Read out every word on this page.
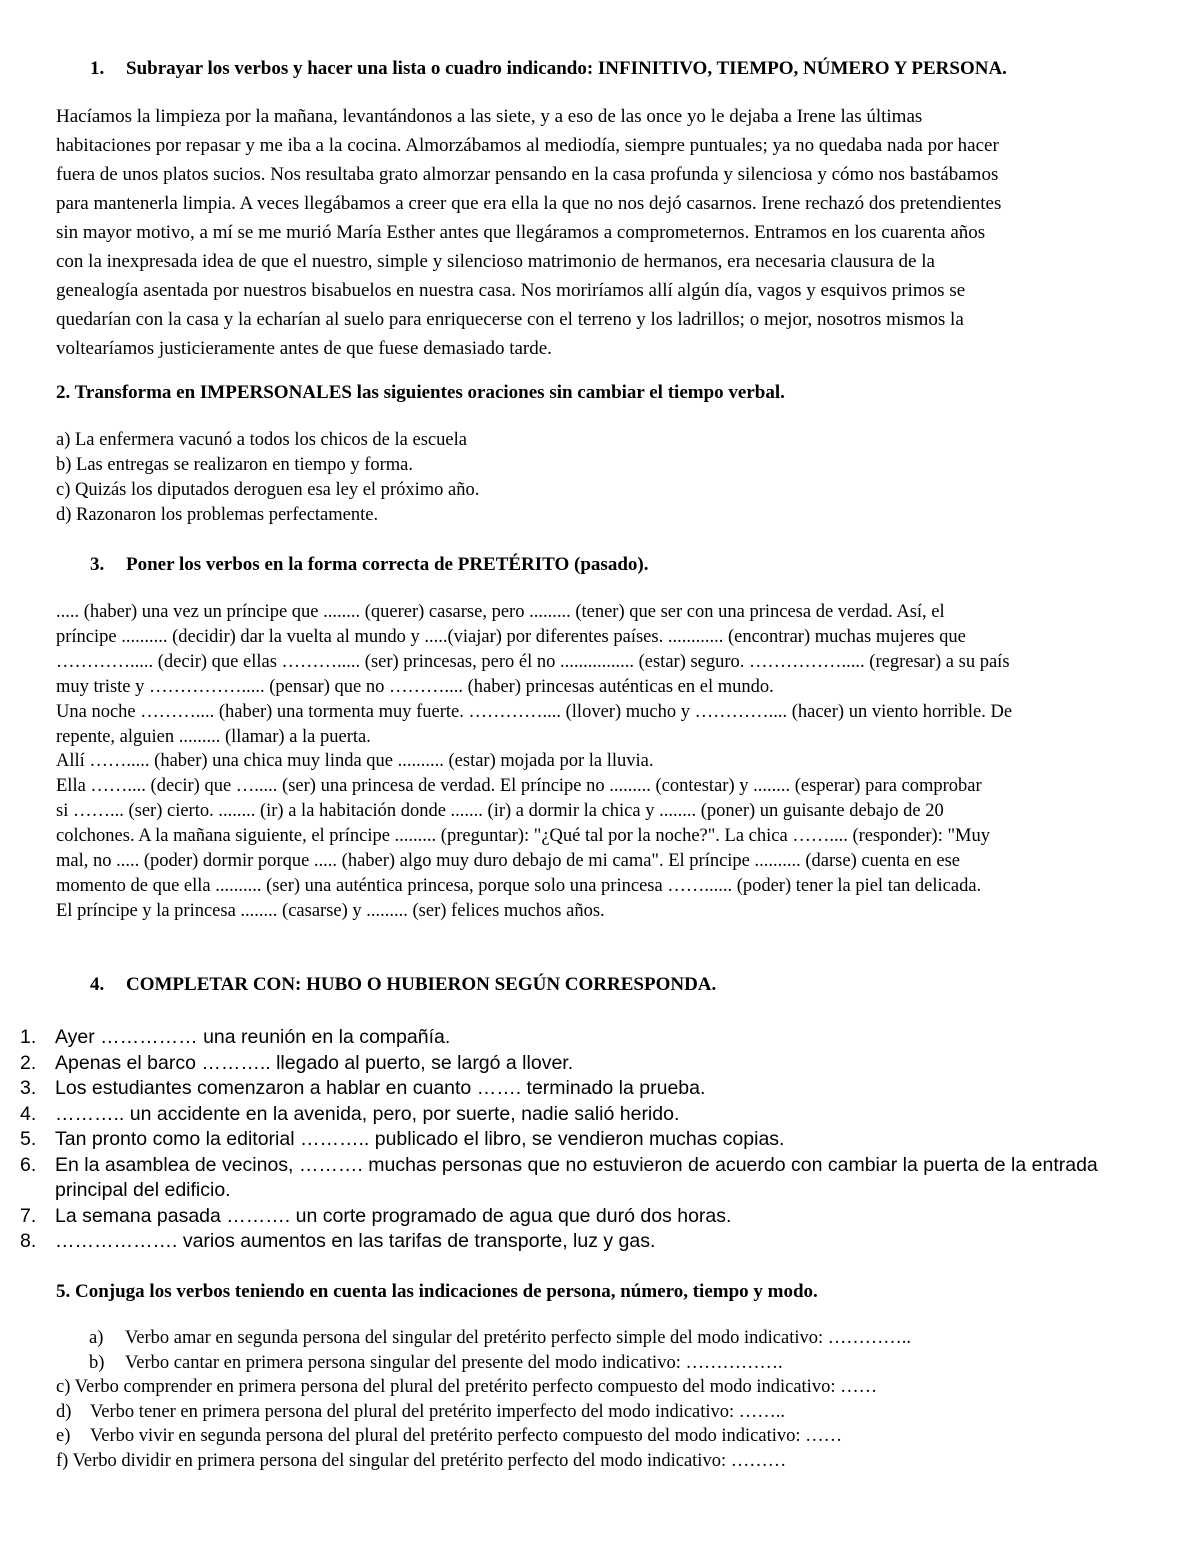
1. Subrayar los verbos y hacer una lista o cuadro indicando: INFINITIVO, TIEMPO, NÚMERO Y PERSONA.

Hacíamos la limpieza por la mañana, levantándonos a las siete, y a eso de las once yo le dejaba a Irene las últimas
habitaciones por repasar y me iba a la cocina. Almorzábamos al mediodía, siempre puntuales; ya no quedaba nada por hacer
fuera de unos platos sucios. Nos resultaba grato almorzar pensando en la casa profunda y silenciosa y cómo nos bastábamos
para mantenerla limpia. A veces llegábamos a creer que era ella la que no nos dejó casarnos. Irene rechazó dos pretendientes
sin mayor motivo, a mí se me murió María Esther antes que llegáramos a comprometernos. Entramos en los cuarenta años
con la inexpresada idea de que el nuestro, simple y silencioso matrimonio de hermanos, era necesaria clausura de la
genealogía asentada por nuestros bisabuelos en nuestra casa. Nos moriríamos allí algún día, vagos y esquivos primos se
quedarían con la casa y la echarían al suelo para enriquecerse con el terreno y los ladrillos; o mejor, nosotros mismos la
voltearíamos justicieramente antes de que fuese demasiado tarde.

2. Transforma en IMPERSONALES las siguientes oraciones sin cambiar el tiempo verbal.
a) La enfermera vacunó a todos los chicos de la escuela
b) Las entregas se realizaron en tiempo y forma.
c) Quizás los diputados deroguen esa ley el próximo año.
d) Razonaron los problemas perfectamente.
3. Poner los verbos en la forma correcta de PRETÉRITO (pasado).

..... (haber) una vez un príncipe que ........ (querer) casarse, pero ......... (tener) que ser con una princesa de verdad. Así, el
príncipe .......... (decidir) dar la vuelta al mundo y .....(viajar) por diferentes países. ............ (encontrar) muchas mujeres que
…………..... (decir) que ellas ………..... (ser) princesas, pero él no ................ (estar) seguro. ……………..... (regresar) a su país
muy triste y ……………..... (pensar) que no ……….... (haber) princesas auténticas en el mundo.
Una noche ……….... (haber) una tormenta muy fuerte. ………….... (llover) mucho y ………….... (hacer) un viento horrible. De
repente, alguien ......... (llamar) a la puerta.
Allí ……..... (haber) una chica muy linda que .......... (estar) mojada por la lluvia.
Ella …….... (decir) que …..... (ser) una princesa de verdad. El príncipe no ......... (contestar) y ........ (esperar) para comprobar
si ……... (ser) cierto. ........ (ir) a la habitación donde ....... (ir) a dormir la chica y ........ (poner) un guisante debajo de 20
colchones. A la mañana siguiente, el príncipe ......... (preguntar): "¿Qué tal por la noche?". La chica …….... (responder): "Muy
mal, no ..... (poder) dormir porque ..... (haber) algo muy duro debajo de mi cama". El príncipe .......... (darse) cuenta en ese
momento de que ella .......... (ser) una auténtica princesa, porque solo una princesa ……...... (poder) tener la piel tan delicada.
El príncipe y la princesa ........ (casarse) y ......... (ser) felices muchos años.

4. COMPLETAR CON: HUBO O HUBIERON SEGÚN CORRESPONDA.
1. Ayer …………… una reunión en la compañía.
2. Apenas el barco ……….. llegado al puerto, se largó a llover.
3. Los estudiantes comenzaron a hablar en cuanto ……. terminado la prueba.
4. ……….. un accidente en la avenida, pero, por suerte, nadie salió herido.
5. Tan pronto como la editorial ……….. publicado el libro, se vendieron muchas copias.
6. En la asamblea de vecinos, ………. muchas personas que no estuvieron de acuerdo con cambiar la puerta de la entrada principal del edificio.
7. La semana pasada ………. un corte programado de agua que duró dos horas.
8. ………………. varios aumentos en las tarifas de transporte, luz y gas.
5. Conjuga los verbos teniendo en cuenta las indicaciones de persona, número, tiempo y modo.
a) Verbo amar en segunda persona del singular del pretérito perfecto simple del modo indicativo: …………..
b) Verbo cantar en primera persona singular del presente del modo indicativo: …………….
c) Verbo comprender en primera persona del plural del pretérito perfecto compuesto del modo indicativo: ……
d) Verbo tener en primera persona del plural del pretérito imperfecto del modo indicativo: ……..
e) Verbo vivir en segunda persona del plural del pretérito perfecto compuesto del modo indicativo: ……
f) Verbo dividir en primera persona del singular del pretérito perfecto del modo indicativo: ………
